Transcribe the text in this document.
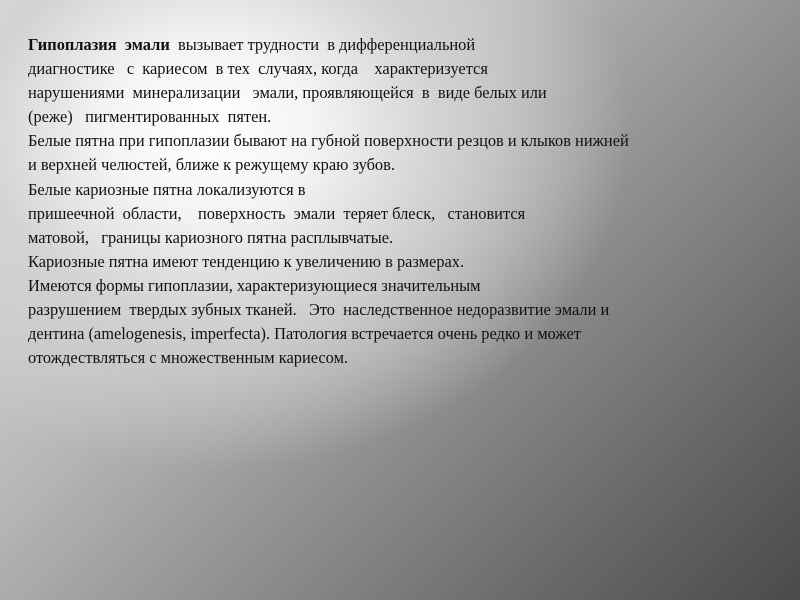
Гипоплазия  эмали  вызывает трудности  в дифференциальной
диагностике   с  кариесом  в тех  случаях, когда    характеризуется
нарушениями  минерализации   эмали, проявляющейся  в  виде белых или
(реже)   пигментированных  пятен.
Белые пятна при гипоплазии бывают на губной поверхности резцов и клыков нижней
и верхней челюстей, ближе к режущему краю зубов.
Белые кариозные пятна локализуются в
пришеечной  области,    поверхность  эмали  теряет блеск,   становится
матовой,   границы кариозного пятна расплывчатые.
Кариозные пятна имеют тенденцию к увеличению в размерах.
Имеются формы гипоплазии, характеризующиеся значительным
разрушением  твердых зубных тканей.   Это  наследственное недоразвитие эмали и
дентина (amelogenesis, imperfecta). Патология встречается очень редко и может
отождествляться с множественным кариесом.
